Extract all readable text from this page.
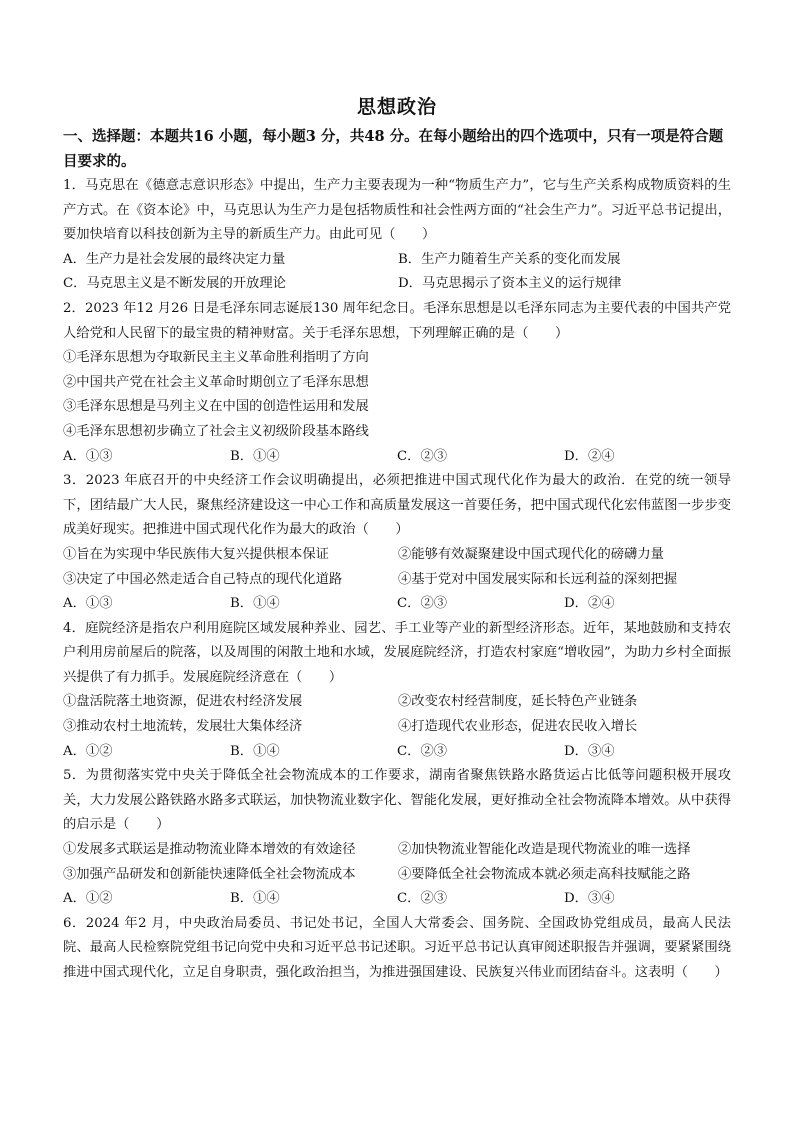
思想政治

一、选择题：本题共16 小题，每小题3 分，共48 分。在每小题给出的四个选项中，只有一项是符合题目要求的。

1．马克思在《德意志意识形态》中提出，生产力主要表现为一种“物质生产力”，它与生产关系构成物质资料的生产方式。在《资本论》中，马克思认为生产力是包括物质性和社会性两方面的“社会生产力”。习近平总书记提出，要加快培育以科技创新为主导的新质生产力。由此可见（　　）

A．生产力是社会发展的最终决定力量	B．生产力随着生产关系的变化而发展
C．马克思主义是不断发展的开放理论	D．马克思揭示了资本主义的运行规律

2．2023 年12 月26 日是毛泽东同志诞辰130 周年纪念日。毛泽东思想是以毛泽东同志为主要代表的中国共产党人给党和人民留下的最宝贵的精神财富。关于毛泽东思想，下列理解正确的是（　　）

①毛泽东思想为夺取新民主主义革命胜利指明了方向

②中国共产党在社会主义革命时期创立了毛泽东思想

③毛泽东思想是马列主义在中国的创造性运用和发展

④毛泽东思想初步确立了社会主义初级阶段基本路线

A．①③	B．①④	C．②③	D．②④

3．2023 年底召开的中央经济工作会议明确提出，必须把推进中国式现代化作为最大的政治．在党的统一领导下，团结最广大人民，聚焦经济建设这一中心工作和高质量发展这一首要任务，把中国式现代化宏伟蓝图一步步变成美好现实。把推进中国式现代化作为最大的政治（　　）

①旨在为实现中华民族伟大复兴提供根本保证	②能够有效凝聚建设中国式现代化的磅礴力量
③决定了中国必然走适合自己特点的现代化道路	④基于党对中国发展实际和长远利益的深刻把握
A．①③	B．①④	C．②③	D．②④

4．庭院经济是指农户利用庭院区域发展种养业、园艺、手工业等产业的新型经济形态。近年，某地鼓励和支持农户利用房前屋后的院落，以及周围的闲散土地和水域，发展庭院经济，打造农村家庭“增收园”，为助力乡村全面振兴提供了有力抓手。发展庭院经济意在（　　）

①盘活院落土地资源，促进农村经济发展	②改变农村经营制度，延长特色产业链条
③推动农村土地流转，发展壮大集体经济	④打造现代农业形态，促进农民收入增长
A．①②	B．①④	C．②③	D．③④

5．为贯彻落实党中央关于降低全社会物流成本的工作要求，湖南省聚焦铁路水路货运占比低等问题积极开展攻关，大力发展公路铁路水路多式联运，加快物流业数字化、智能化发展，更好推动全社会物流降本增效。从中获得的启示是（　　）

①发展多式联运是推动物流业降本增效的有效途径	②加快物流业智能化改造是现代物流业的唯一选择
③加强产品研发和创新能快速降低全社会物流成本	④要降低全社会物流成本就必须走高科技赋能之路
A．①②	B．①④	C．②③	D．③④

6．2024 年2 月，中央政治局委员、书记处书记，全国人大常委会、国务院、全国政协党组成员，最高人民法院、最高人民检察院党组书记向党中央和习近平总书记述职。习近平总书记认真审阅述职报告并强调，要紧紧围绕推进中国式现代化，立足自身职责，强化政治担当，为推进强国建设、民族复兴伟业而团结奋斗。这表明（　　）
